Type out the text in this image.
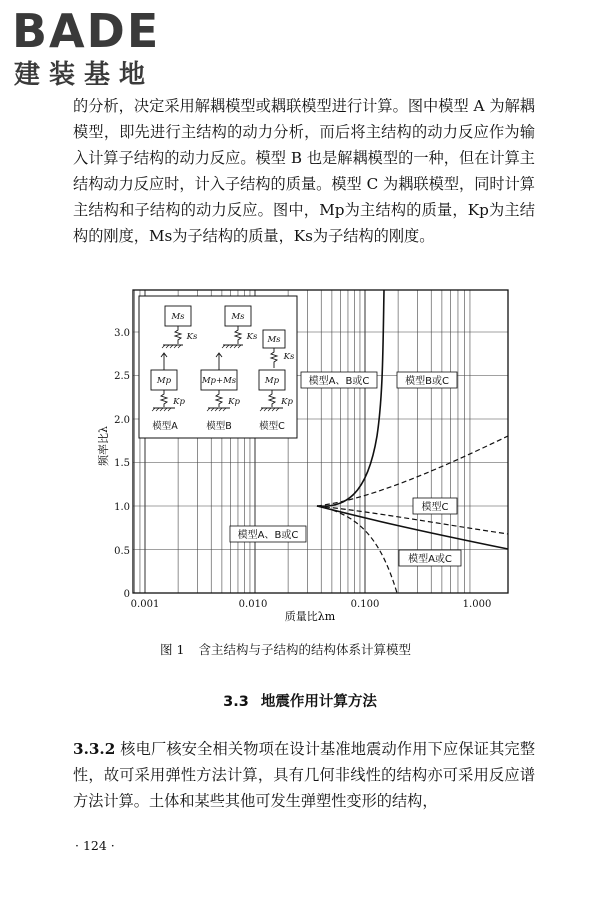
BADE
建装基地

的分析，决定采用解耦模型或耦联模型进行计算。图中模型 A 为解耦模型，即先进行主结构的动力分析，而后将主结构的动力反应作为输入计算子结构的动力反应。模型 B 也是解耦模型的一种，但在计算主结构动力反应时，计入子结构的质量。模型 C 为耦联模型，同时计算主结构和子结构的动力反应。图中，Mp为主结构的质量，Kp为主结构的刚度，Ms为子结构的质量，Ks为子结构的刚度。

0
0.5
1.0
1.5
2.0
2.5
3.0
0.001	0.010	0.100	1.000
质量比λm
频率比λ
模型A、B或C	模型B或C
模型C
模型A、B或C
模型A或C
Ms	Ms
Ms
Ks	Ks
Ks
Mp	Mp+Ms	Mp
Kp	Kp	Kp
模型A	模型B	模型C
图 1 含主结构与子结构的结构体系计算模型
3.3 地震作用计算方法

3.3.2 核电厂核安全相关物项在设计基准地震动作用下应保证其完整性，故可采用弹性方法计算，具有几何非线性的结构亦可采用反应谱方法计算。土体和某些其他可发生弹塑性变形的结构，

· 124 ·
